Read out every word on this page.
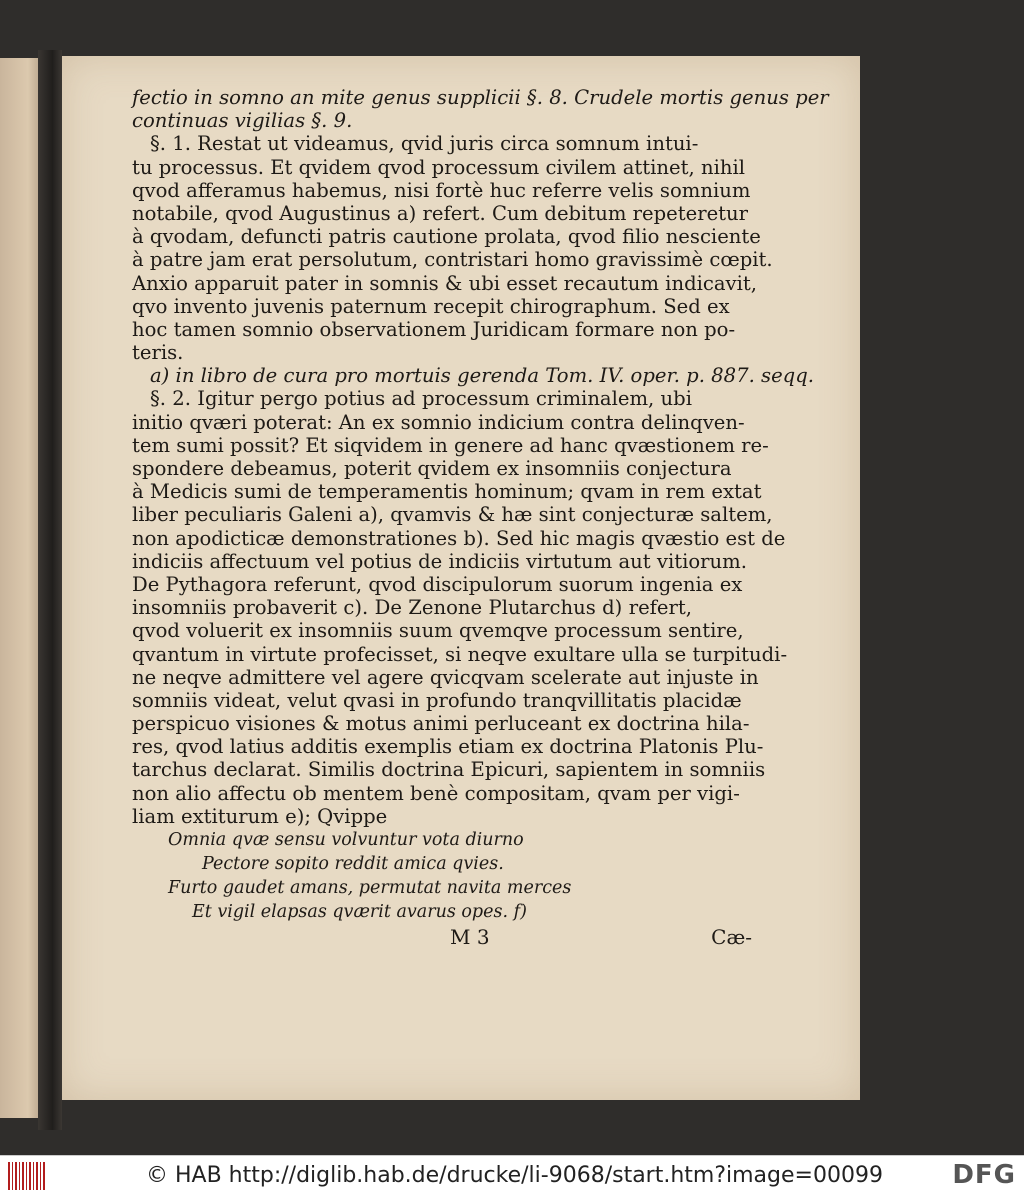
fectio in somno an mite genus supplicii §. 8. Crudele mortis genus per
continuas vigilias §. 9.
§. 1. Restat ut videamus, qvid juris circa somnum intui-
tu processus. Et qvidem qvod processum civilem attinet, nihil
qvod afferamus habemus, nisi fortè huc referre velis somnium
notabile, qvod Augustinus a) refert. Cum debitum repeteretur
à qvodam, defuncti patris cautione prolata, qvod filio nesciente
à patre jam erat persolutum, contristari homo gravissimè cœpit.
Anxio apparuit pater in somnis & ubi esset recautum indicavit,
qvo invento juvenis paternum recepit chirographum. Sed ex
hoc tamen somnio observationem Juridicam formare non po-
teris.
a) in libro de cura pro mortuis gerenda Tom. IV. oper. p. 887. seqq.
§. 2. Igitur pergo potius ad processum criminalem, ubi
initio qværi poterat: An ex somnio indicium contra delinqven-
tem sumi possit? Et siqvidem in genere ad hanc qvæstionem re-
spondere debeamus, poterit qvidem ex insomniis conjectura
à Medicis sumi de temperamentis hominum; qvam in rem extat
liber peculiaris Galeni a), qvamvis & hæ sint conjecturæ saltem,
non apodicticæ demonstrationes b). Sed hic magis qvæstio est de
indiciis affectuum vel potius de indiciis virtutum aut vitiorum.
De Pythagora referunt, qvod discipulorum suorum ingenia ex
insomniis probaverit c). De Zenone Plutarchus d) refert,
qvod voluerit ex insomniis suum qvemqve processum sentire,
qvantum in virtute profecisset, si neqve exultare ulla se turpitudi-
ne neqve admittere vel agere qvicqvam scelerate aut injuste in
somniis videat, velut qvasi in profundo tranqvillitatis placidæ
perspicuo visiones & motus animi perluceant ex doctrina hila-
res, qvod latius additis exemplis etiam ex doctrina Platonis Plu-
tarchus declarat. Similis doctrina Epicuri, sapientem in somniis
non alio affectu ob mentem benè compositam, qvam per vigi-
liam extiturum e); Qvippe
Omnia qvæ sensu volvuntur vota diurno
Pectore sopito reddit amica qvies.
Furto gaudet amans, permutat navita merces
Et vigil elapsas qværit avarus opes. f)
M 3	Cæ-
© HAB http://diglib.hab.de/drucke/li-9068/start.htm?image=00099	DFG
